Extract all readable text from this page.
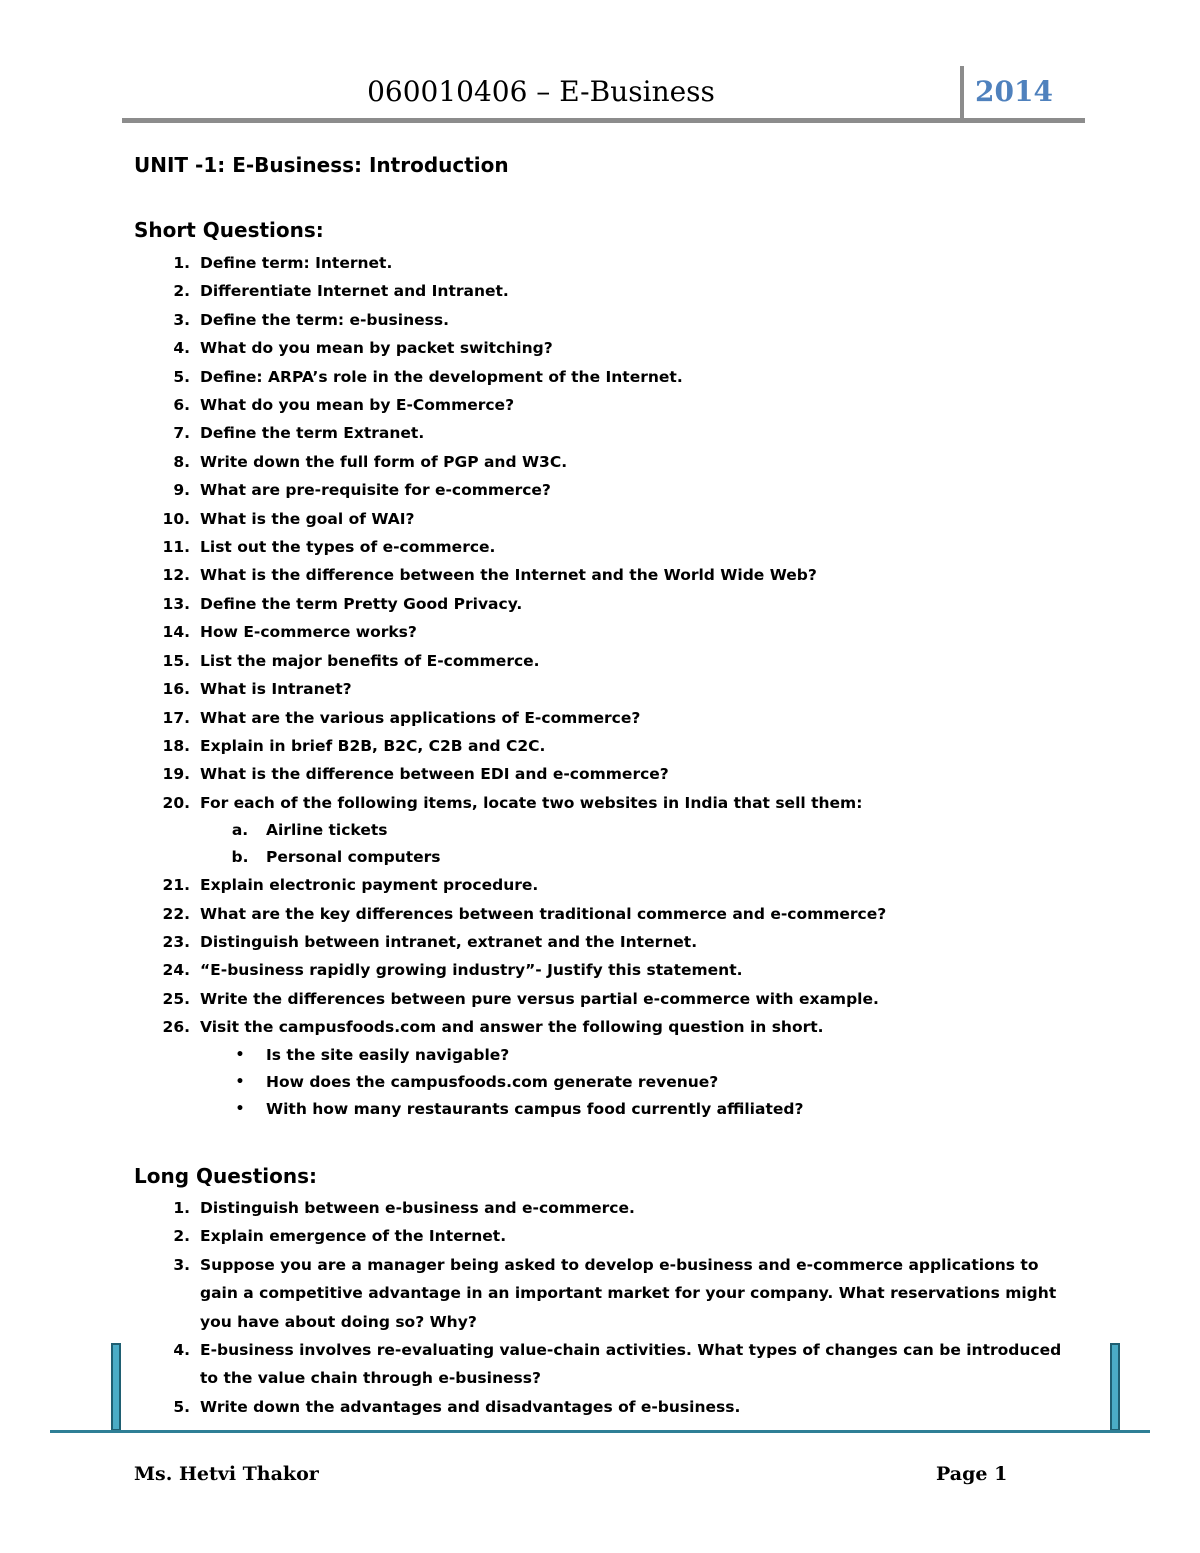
060010406 – E-Business	2014
UNIT -1: E-Business: Introduction
Short Questions:
1. Define term: Internet.
2. Differentiate Internet and Intranet.
3. Define the term: e-business.
4. What do you mean by packet switching?
5. Define: ARPA’s role in the development of the Internet.
6. What do you mean by E-Commerce?
7. Define the term Extranet.
8. Write down the full form of PGP and W3C.
9. What are pre-requisite for e-commerce?
10. What is the goal of WAI?
11. List out the types of e-commerce.
12. What is the difference between the Internet and the World Wide Web?
13. Define the term Pretty Good Privacy.
14. How E-commerce works?
15. List the major benefits of E-commerce.
16. What is Intranet?
17. What are the various applications of E-commerce?
18. Explain in brief B2B, B2C, C2B and C2C.
19. What is the difference between EDI and e-commerce?
20. For each of the following items, locate two websites in India that sell them:
a. Airline tickets
b. Personal computers
21. Explain electronic payment procedure.
22. What are the key differences between traditional commerce and e-commerce?
23. Distinguish between intranet, extranet and the Internet.
24. “E-business rapidly growing industry”- Justify this statement.
25. Write the differences between pure versus partial e-commerce with example.
26. Visit the campusfoods.com and answer the following question in short.
•	Is the site easily navigable?
•	How does the campusfoods.com generate revenue?
•	With how many restaurants campus food currently affiliated?
Long Questions:
1. Distinguish between e-business and e-commerce.
2. Explain emergence of the Internet.
3. Suppose you are a manager being asked to develop e-business and e-commerce applications to gain a competitive advantage in an important market for your company. What reservations might you have about doing so? Why?
4. E-business involves re-evaluating value-chain activities. What types of changes can be introduced to the value chain through e-business?
5. Write down the advantages and disadvantages of e-business.
Ms. Hetvi Thakor	Page 1
